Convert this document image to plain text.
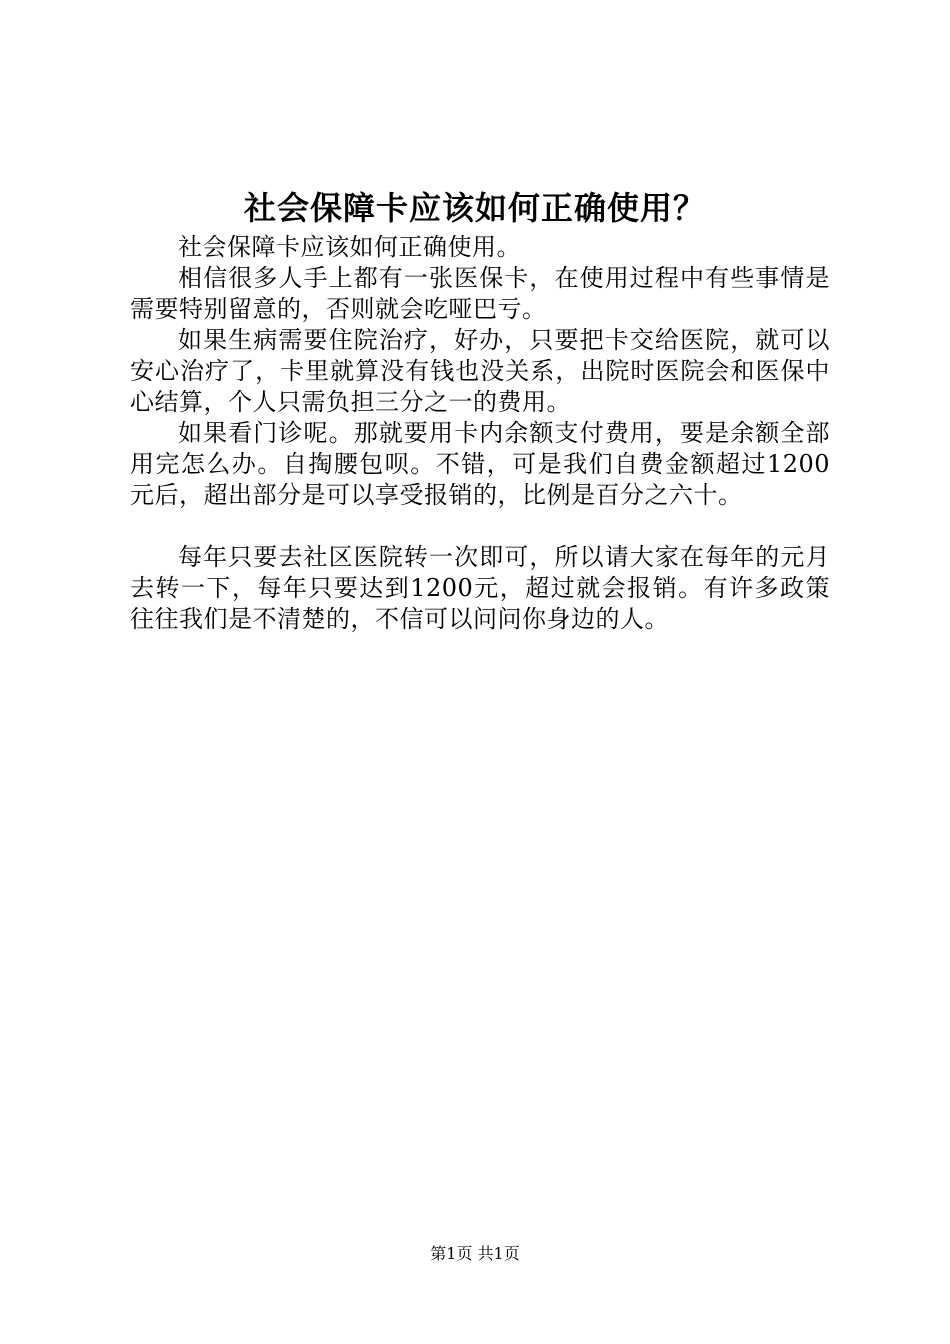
社会保障卡应该如何正确使用？

社会保障卡应该如何正确使用。

相信很多人手上都有一张医保卡，在使用过程中有些事情是需要特别留意的，否则就会吃哑巴亏。

如果生病需要住院治疗，好办，只要把卡交给医院，就可以安心治疗了，卡里就算没有钱也没关系，出院时医院会和医保中心结算，个人只需负担三分之一的费用。

如果看门诊呢。那就要用卡内余额支付费用，要是余额全部用完怎么办。自掏腰包呗。不错，可是我们自费金额超过1200元后，超出部分是可以享受报销的，比例是百分之六十。

每年只要去社区医院转一次即可，所以请大家在每年的元月去转一下，每年只要达到1200元，超过就会报销。有许多政策往往我们是不清楚的，不信可以问问你身边的人。

第1页 共1页
